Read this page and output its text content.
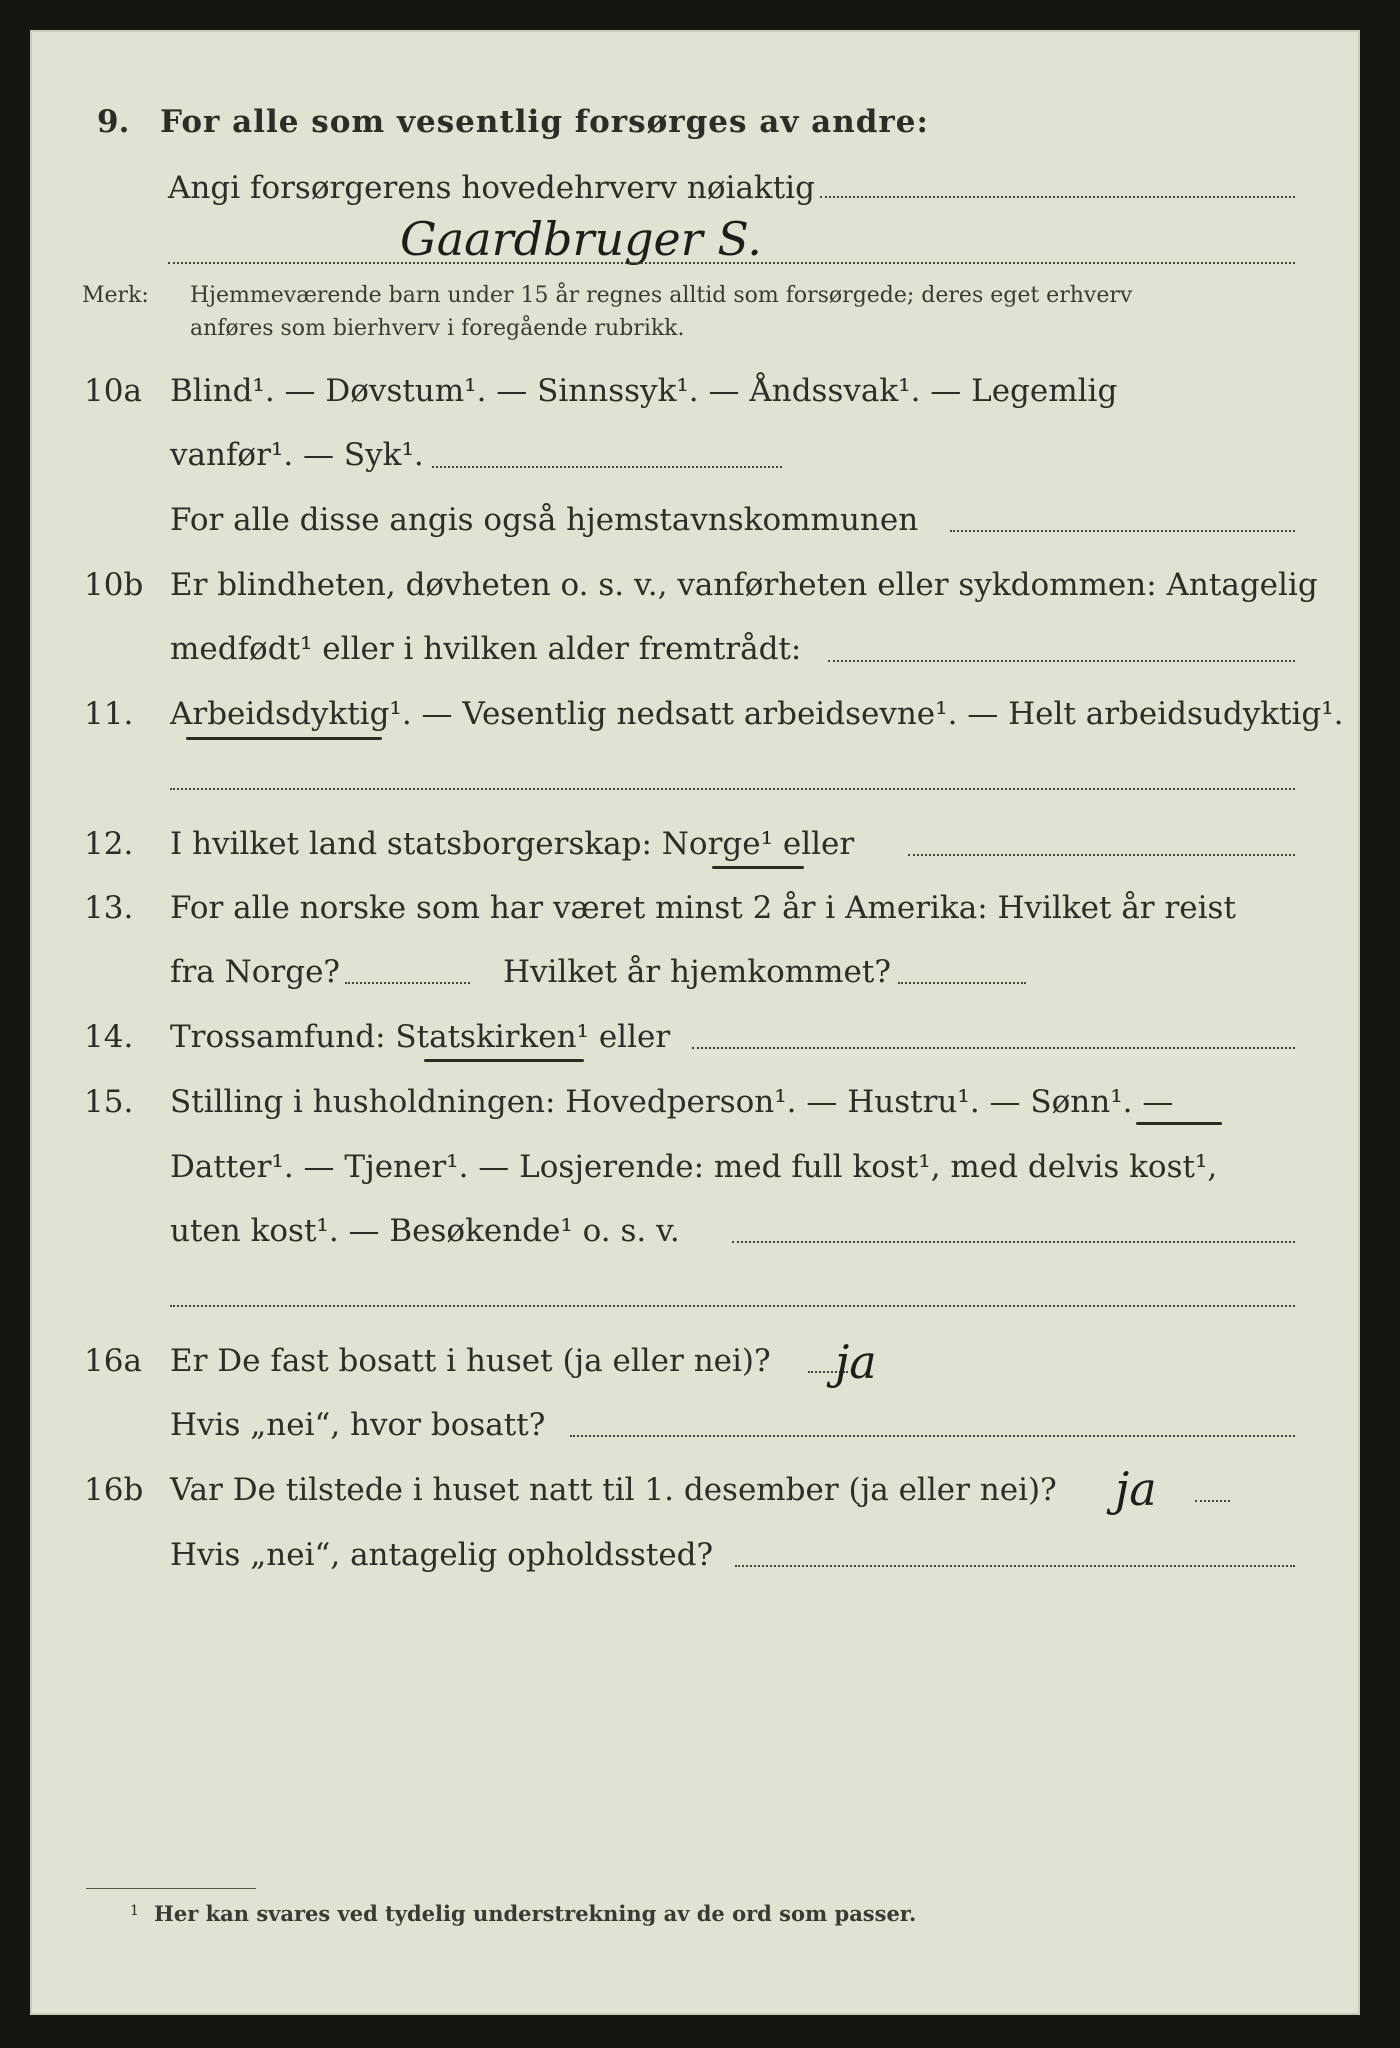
9. For alle som vesentlig forsørges av andre:
Angi forsørgerens hovedehrverv nøiaktig
Gaardbruger S.
Merk: Hjemmeværende barn under 15 år regnes alltid som forsørgede; deres eget erhverv
anføres som bierhverv i foregående rubrikk.
10a Blind¹. — Døvstum¹. — Sinnssyk¹. — Åndssvak¹. — Legemlig
vanfør¹. — Syk¹.
For alle disse angis også hjemstavnskommunen
10b Er blindheten, døvheten o. s. v., vanførheten eller sykdommen: Antagelig
medfødt¹ eller i hvilken alder fremtrådt:
11. Arbeidsdyktig¹. — Vesentlig nedsatt arbeidsevne¹. — Helt arbeidsudyktig¹.
12. I hvilket land statsborgerskap: Norge¹ eller
13. For alle norske som har været minst 2 år i Amerika: Hvilket år reist
fra Norge?	Hvilket år hjemkommet?
14. Trossamfund: Statskirken¹ eller
15. Stilling i husholdningen: Hovedperson¹. — Hustru¹. — Sønn¹. —
Datter¹. — Tjener¹. — Losjerende: med full kost¹, med delvis kost¹,
uten kost¹. — Besøkende¹ o. s. v.
16a Er De fast bosatt i huset (ja eller nei)? ja
Hvis „nei“, hvor bosatt?
16b Var De tilstede i huset natt til 1. desember (ja eller nei)? ja
Hvis „nei“, antagelig opholdssted?
1 Her kan svares ved tydelig understrekning av de ord som passer.
